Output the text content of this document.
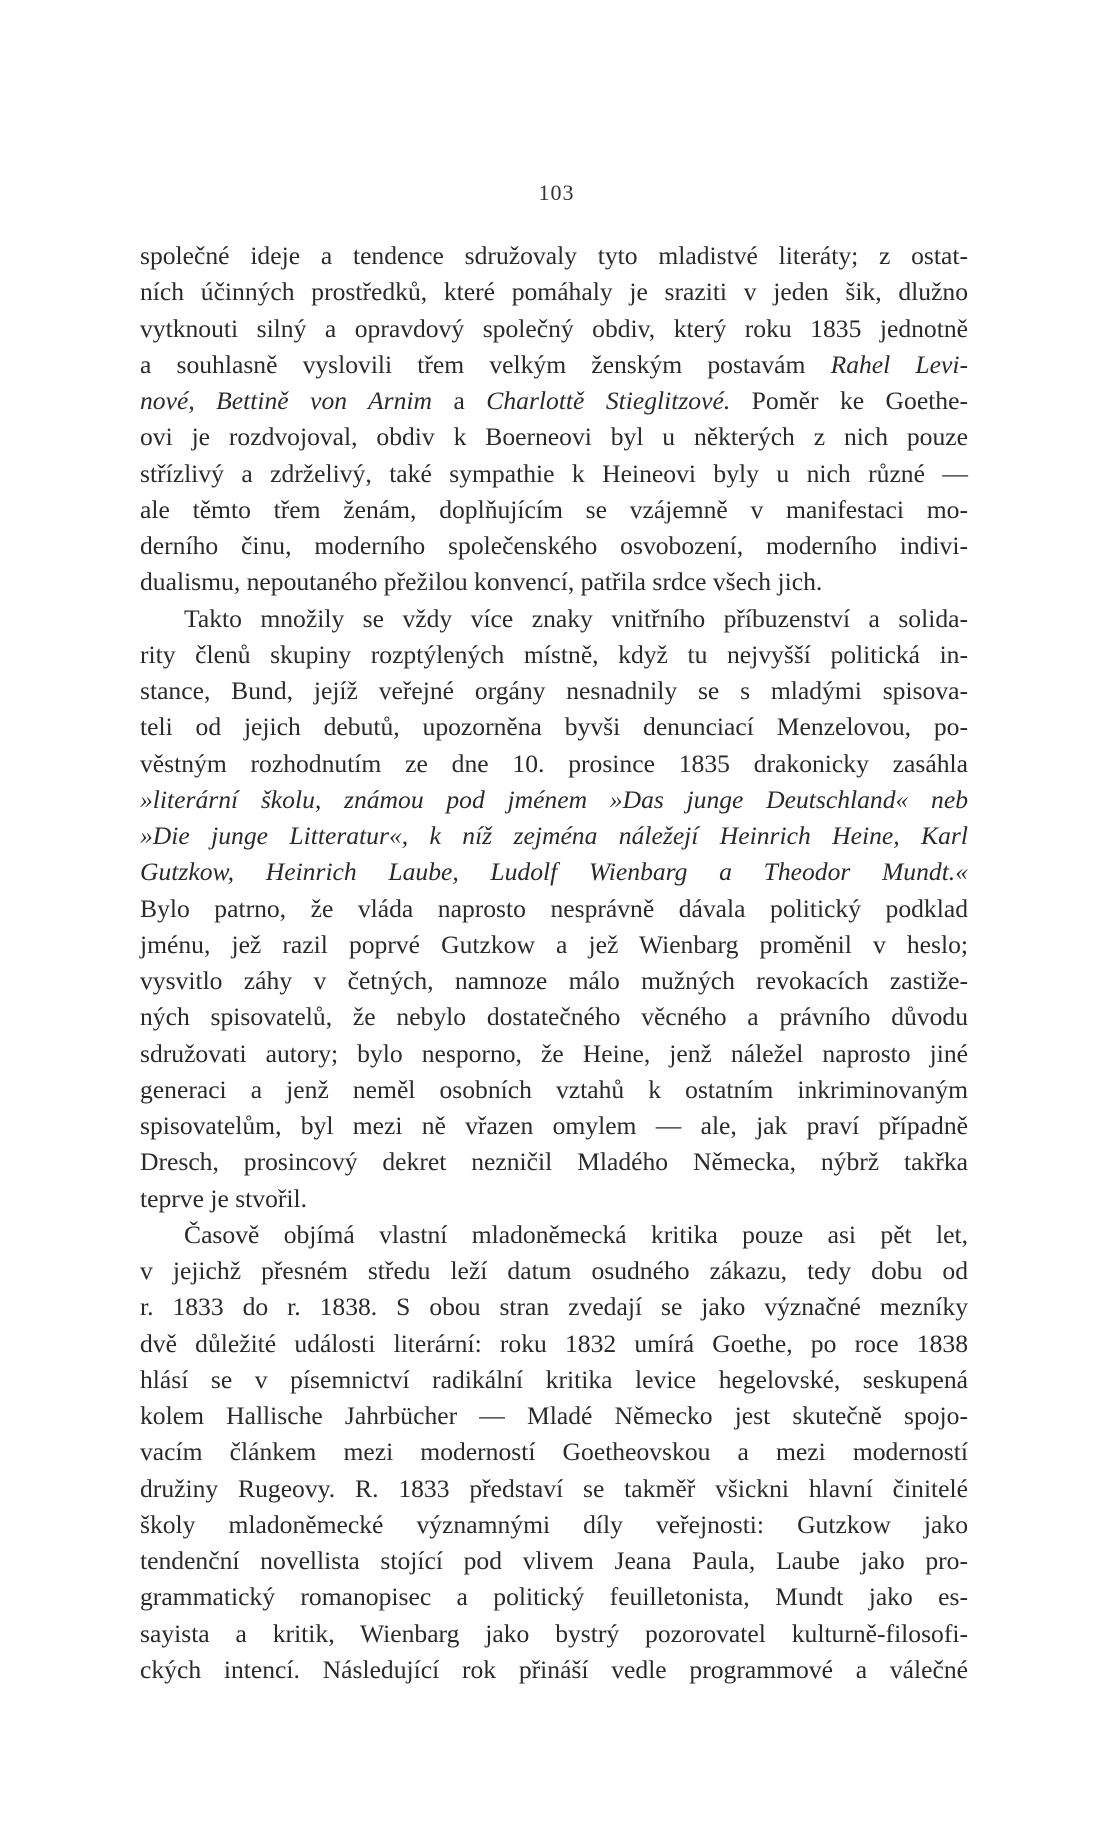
103
společné ideje a tendence sdružovaly tyto mladistvé literáty; z ostat-
ních účinných prostředků, které pomáhaly je sraziti v jeden šik, dlužno
vytknouti silný a opravdový společný obdiv, který roku 1835 jednotně
a souhlasně vyslovili třem velkým ženským postavám Rahel Levi-
nové, Bettině von Arnim a Charlottě Stieglitzové. Poměr ke Goethe-
ovi je rozdvojoval, obdiv k Boerneovi byl u některých z nich pouze
střízlivý a zdrželivý, také sympathie k Heineovi byly u nich různé —
ale těmto třem ženám, doplňujícím se vzájemně v manifestaci mo-
derního činu, moderního společenského osvobození, moderního indivi-
dualismu, nepoutaného přežilou konvencí, patřila srdce všech jich.
Takto množily se vždy více znaky vnitřního příbuzenství a solida-
rity členů skupiny rozptýlených místně, když tu nejvyšší politická in-
stance, Bund, jejíž veřejné orgány nesnadnily se s mladými spisova-
teli od jejich debutů, upozorněna byvši denunciací Menzelovou, po-
věstným rozhodnutím ze dne 10. prosince 1835 drakonicky zasáhla
»literární školu, známou pod jménem »Das junge Deutschland« neb
»Die junge Litteratur«, k níž zejména náležejí Heinrich Heine, Karl
Gutzkow, Heinrich Laube, Ludolf Wienbarg a Theodor Mundt.«
Bylo patrno, že vláda naprosto nesprávně dávala politický podklad
jménu, jež razil poprvé Gutzkow a jež Wienbarg proměnil v heslo;
vysvitlo záhy v četných, namnoze málo mužných revokacích zastiže-
ných spisovatelů, že nebylo dostatečného věcného a právního důvodu
sdružovati autory; bylo nesporno, že Heine, jenž náležel naprosto jiné
generaci a jenž neměl osobních vztahů k ostatním inkriminovaným
spisovatelům, byl mezi ně vřazen omylem — ale, jak praví případně
Dresch, prosincový dekret nezničil Mladého Německa, nýbrž takřka
teprve je stvořil.
Časově objímá vlastní mladoněmecká kritika pouze asi pět let,
v jejichž přesném středu leží datum osudného zákazu, tedy dobu od
r. 1833 do r. 1838. S obou stran zvedají se jako význačné mezníky
dvě důležité události literární: roku 1832 umírá Goethe, po roce 1838
hlásí se v písemnictví radikální kritika levice hegelovské, seskupená
kolem Hallische Jahrbücher — Mladé Německo jest skutečně spojo-
vacím článkem mezi moderností Goetheovskou a mezi moderností
družiny Rugeovy. R. 1833 představí se takměř všickni hlavní činitelé
školy mladoněmecké významnými díly veřejnosti: Gutzkow jako
tendenční novellista stojící pod vlivem Jeana Paula, Laube jako pro-
grammatický romanopisec a politický feuilletonista, Mundt jako es-
sayista a kritik, Wienbarg jako bystrý pozorovatel kulturně-filosofi-
ckých intencí. Následující rok přináší vedle programmové a válečné
